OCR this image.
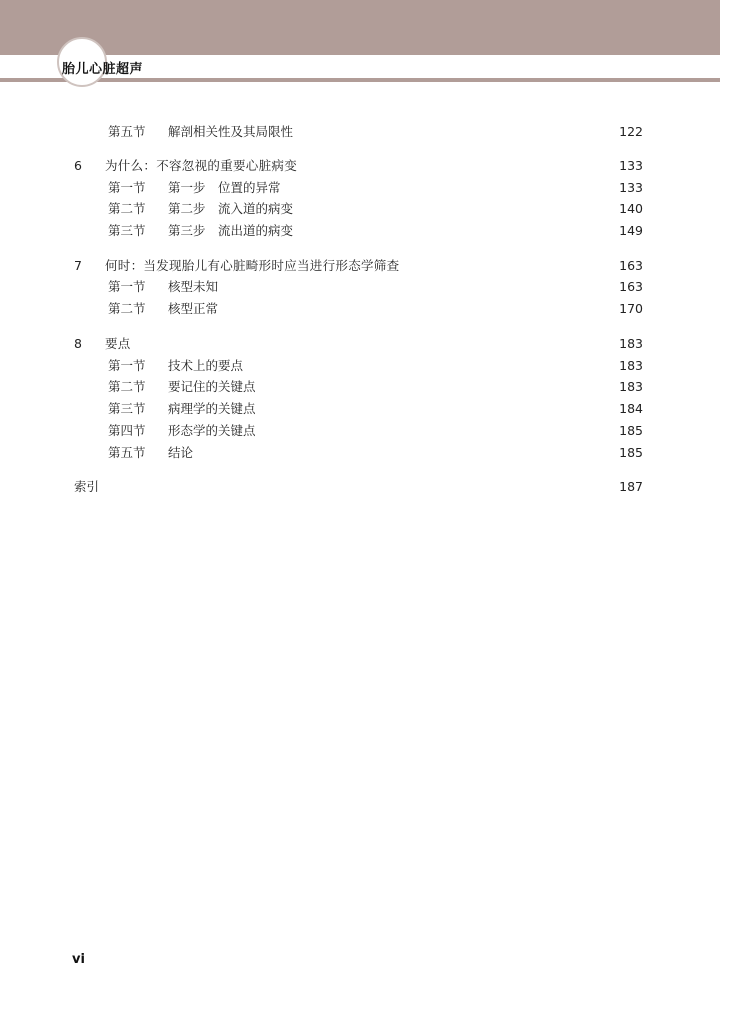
胎儿心脏超声
第五节 解剖相关性及其局限性	122
6 为什么：不容忽视的重要心脏病变	133
第一节 第一步　位置的异常	133
第二节 第二步　流入道的病变	140
第三节 第三步　流出道的病变	149
7 何时：当发现胎儿有心脏畸形时应当进行形态学筛查	163
第一节 核型未知	163
第二节 核型正常	170
8 要点	183
第一节 技术上的要点	183
第二节 要记住的关键点	183
第三节 病理学的关键点	184
第四节 形态学的关键点	185
第五节 结论	185
索引	187
vi
